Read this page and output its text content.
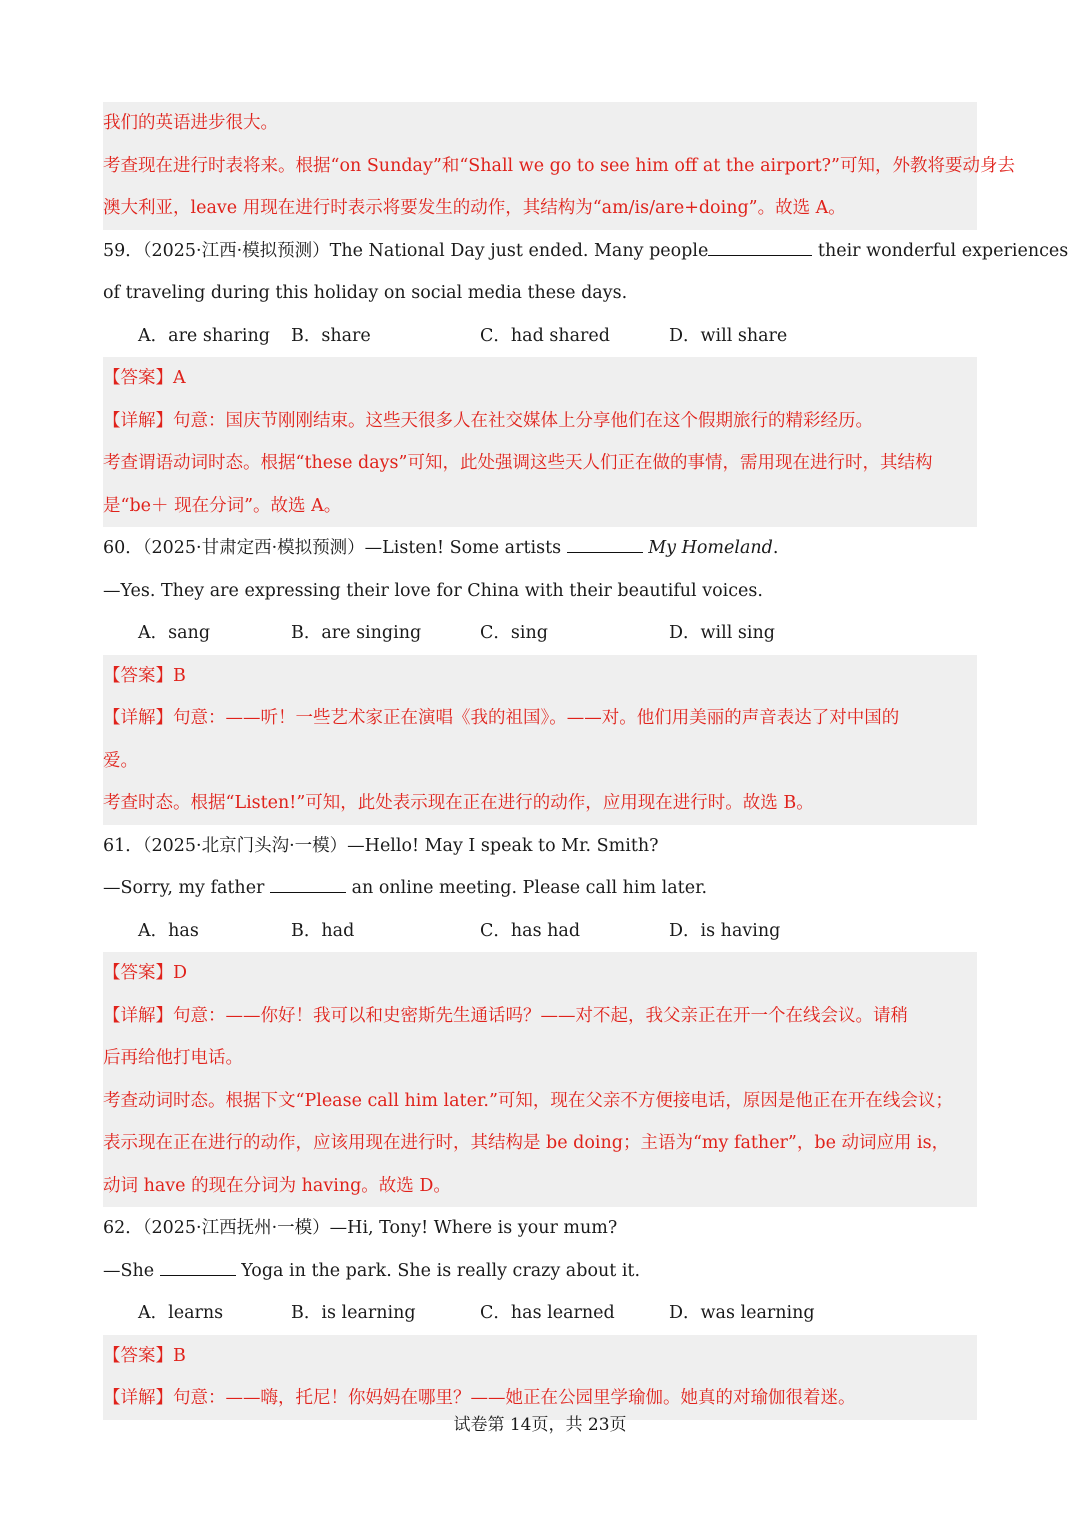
我们的英语进步很大。
考查现在进行时表将来。根据“on Sunday”和“Shall we go to see him off at the airport?”可知，外教将要动身去
澳大利亚，leave 用现在进行时表示将要发生的动作，其结构为“am/is/are+doing”。故选 A。
59．（2025·江西·模拟预测）The National Day just ended. Many people	their wonderful experiences
of traveling during this holiday on social media these days.
A．are sharing B．share	C．had shared	D．will share
【答案】A
【详解】句意：国庆节刚刚结束。这些天很多人在社交媒体上分享他们在这个假期旅行的精彩经历。
考查谓语动词时态。根据“these days”可知，此处强调这些天人们正在做的事情，需用现在进行时，其结构
是“be＋ 现在分词”。故选 A。
60．（2025·甘肃定西·模拟预测）—Listen! Some artists	My Homeland.
—Yes. They are expressing their love for China with their beautiful voices.
A．sang	B．are singing	C．sing	D．will sing
【答案】B
【详解】句意：——听！一些艺术家正在演唱《我的祖国》。——对。他们用美丽的声音表达了对中国的
爱。
考查时态。根据“Listen!”可知，此处表示现在正在进行的动作，应用现在进行时。故选 B。
61．（2025·北京门头沟·一模）—Hello! May I speak to Mr. Smith?
—Sorry, my father	an online meeting. Please call him later.
A．has	B．had	C．has had	D．is having
【答案】D
【详解】句意：——你好！我可以和史密斯先生通话吗？——对不起，我父亲正在开一个在线会议。请稍
后再给他打电话。
考查动词时态。根据下文“Please call him later.”可知，现在父亲不方便接电话，原因是他正在开在线会议；
表示现在正在进行的动作，应该用现在进行时，其结构是 be doing；主语为“my father”，be 动词应用 is，
动词 have 的现在分词为 having。故选 D。
62．（2025·江西抚州·一模）—Hi, Tony! Where is your mum?
—She	Yoga in the park. She is really crazy about it.
A．learns	B．is learning	C．has learned	D．was learning
【答案】B
【详解】句意：——嗨，托尼！你妈妈在哪里？——她正在公园里学瑜伽。她真的对瑜伽很着迷。
试卷第 14页，共 23页
